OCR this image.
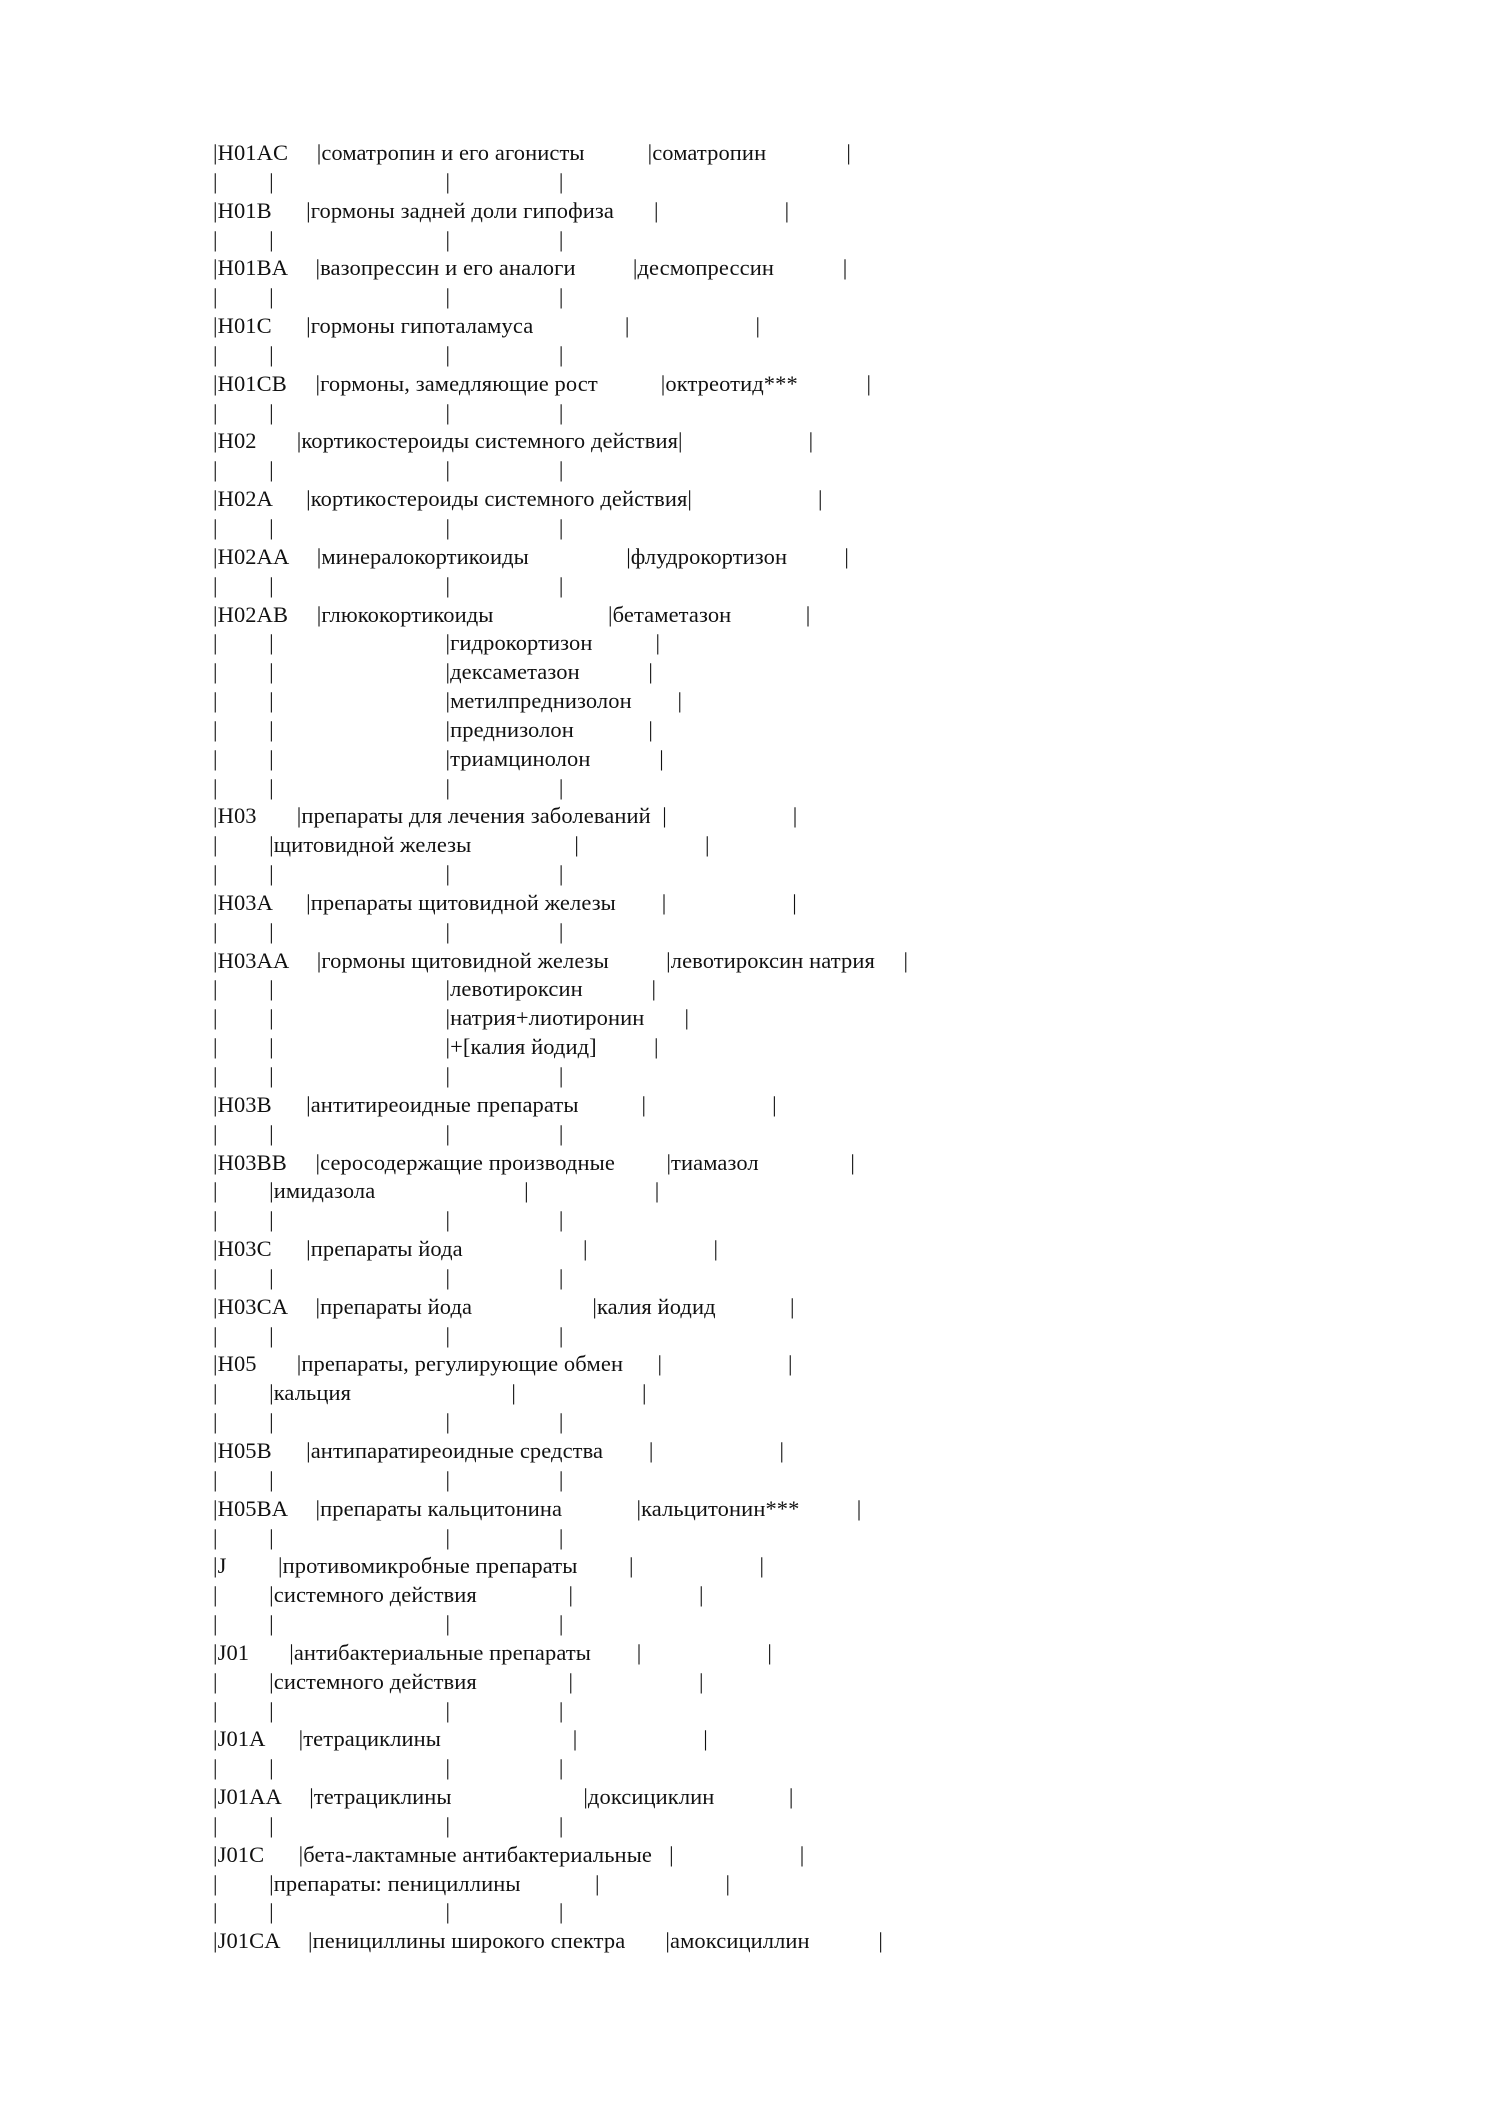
|H01AC     |соматропин и его агонисты           |соматропин              |
|         |                              |                   |
|H01B      |гормоны задней доли гипофиза       |                      |
|         |                              |                   |
|H01BA     |вазопрессин и его аналоги          |десмопрессин            |
|         |                              |                   |
|H01C      |гормоны гипоталамуса                |                      |
|         |                              |                   |
|H01CB     |гормоны, замедляющие рост           |октреотид***            |
|         |                              |                   |
|H02       |кортикостероиды системного действия|                      |
|         |                              |                   |
|H02A      |кортикостероиды системного действия|                      |
|         |                              |                   |
|H02AA     |минералокортикоиды                 |флудрокортизон          |
|         |                              |                   |
|H02AB     |глюкокортикоиды                    |бетаметазон             |
|         |                              |гидрокортизон           |
|         |                              |дексаметазон            |
|         |                              |метилпреднизолон        |
|         |                              |преднизолон             |
|         |                              |триамцинолон            |
|         |                              |                   |
|H03       |препараты для лечения заболеваний  |                      |
|         |щитовидной железы                  |                      |
|         |                              |                   |
|H03A      |препараты щитовидной железы        |                      |
|         |                              |                   |
|H03AA     |гормоны щитовидной железы          |левотироксин натрия     |
|         |                              |левотироксин            |
|         |                              |натрия+лиотиронин       |
|         |                              |+[калия йодид]          |
|         |                              |                   |
|H03B      |антитиреоидные препараты           |                      |
|         |                              |                   |
|H03BB     |серосодержащие производные         |тиамазол                |
|         |имидазола                          |                      |
|         |                              |                   |
|H03C      |препараты йода                     |                      |
|         |                              |                   |
|H03CA     |препараты йода                     |калия йодид             |
|         |                              |                   |
|H05       |препараты, регулирующие обмен      |                      |
|         |кальция                            |                      |
|         |                              |                   |
|H05B      |антипаратиреоидные средства        |                      |
|         |                              |                   |
|H05BA     |препараты кальцитонина             |кальцитонин***          |
|         |                              |                   |
|J         |противомикробные препараты         |                      |
|         |системного действия                |                      |
|         |                              |                   |
|J01       |антибактериальные препараты        |                      |
|         |системного действия                |                      |
|         |                              |                   |
|J01A      |тетрациклины                       |                      |
|         |                              |                   |
|J01AA     |тетрациклины                       |доксициклин             |
|         |                              |                   |
|J01C      |бета-лактамные антибактериальные   |                      |
|         |препараты: пенициллины             |                      |
|         |                              |                   |
|J01CA     |пенициллины широкого спектра       |амоксициллин            |
